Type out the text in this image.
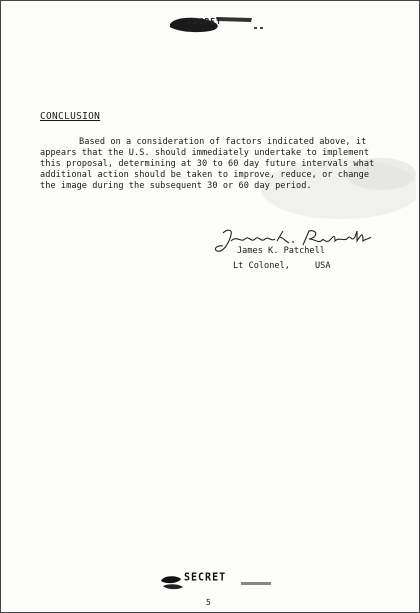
SECRET
CONCLUSION
Based on a consideration of factors indicated above, it
appears that the U.S. should immediately undertake to implement
this proposal, determining at 30 to 60 day future intervals what
additional action should be taken to improve, reduce, or change
the image during the subsequent 30 or 60 day period.
James K. Patchell
Lt Colonel,	USA
SECRET
5
